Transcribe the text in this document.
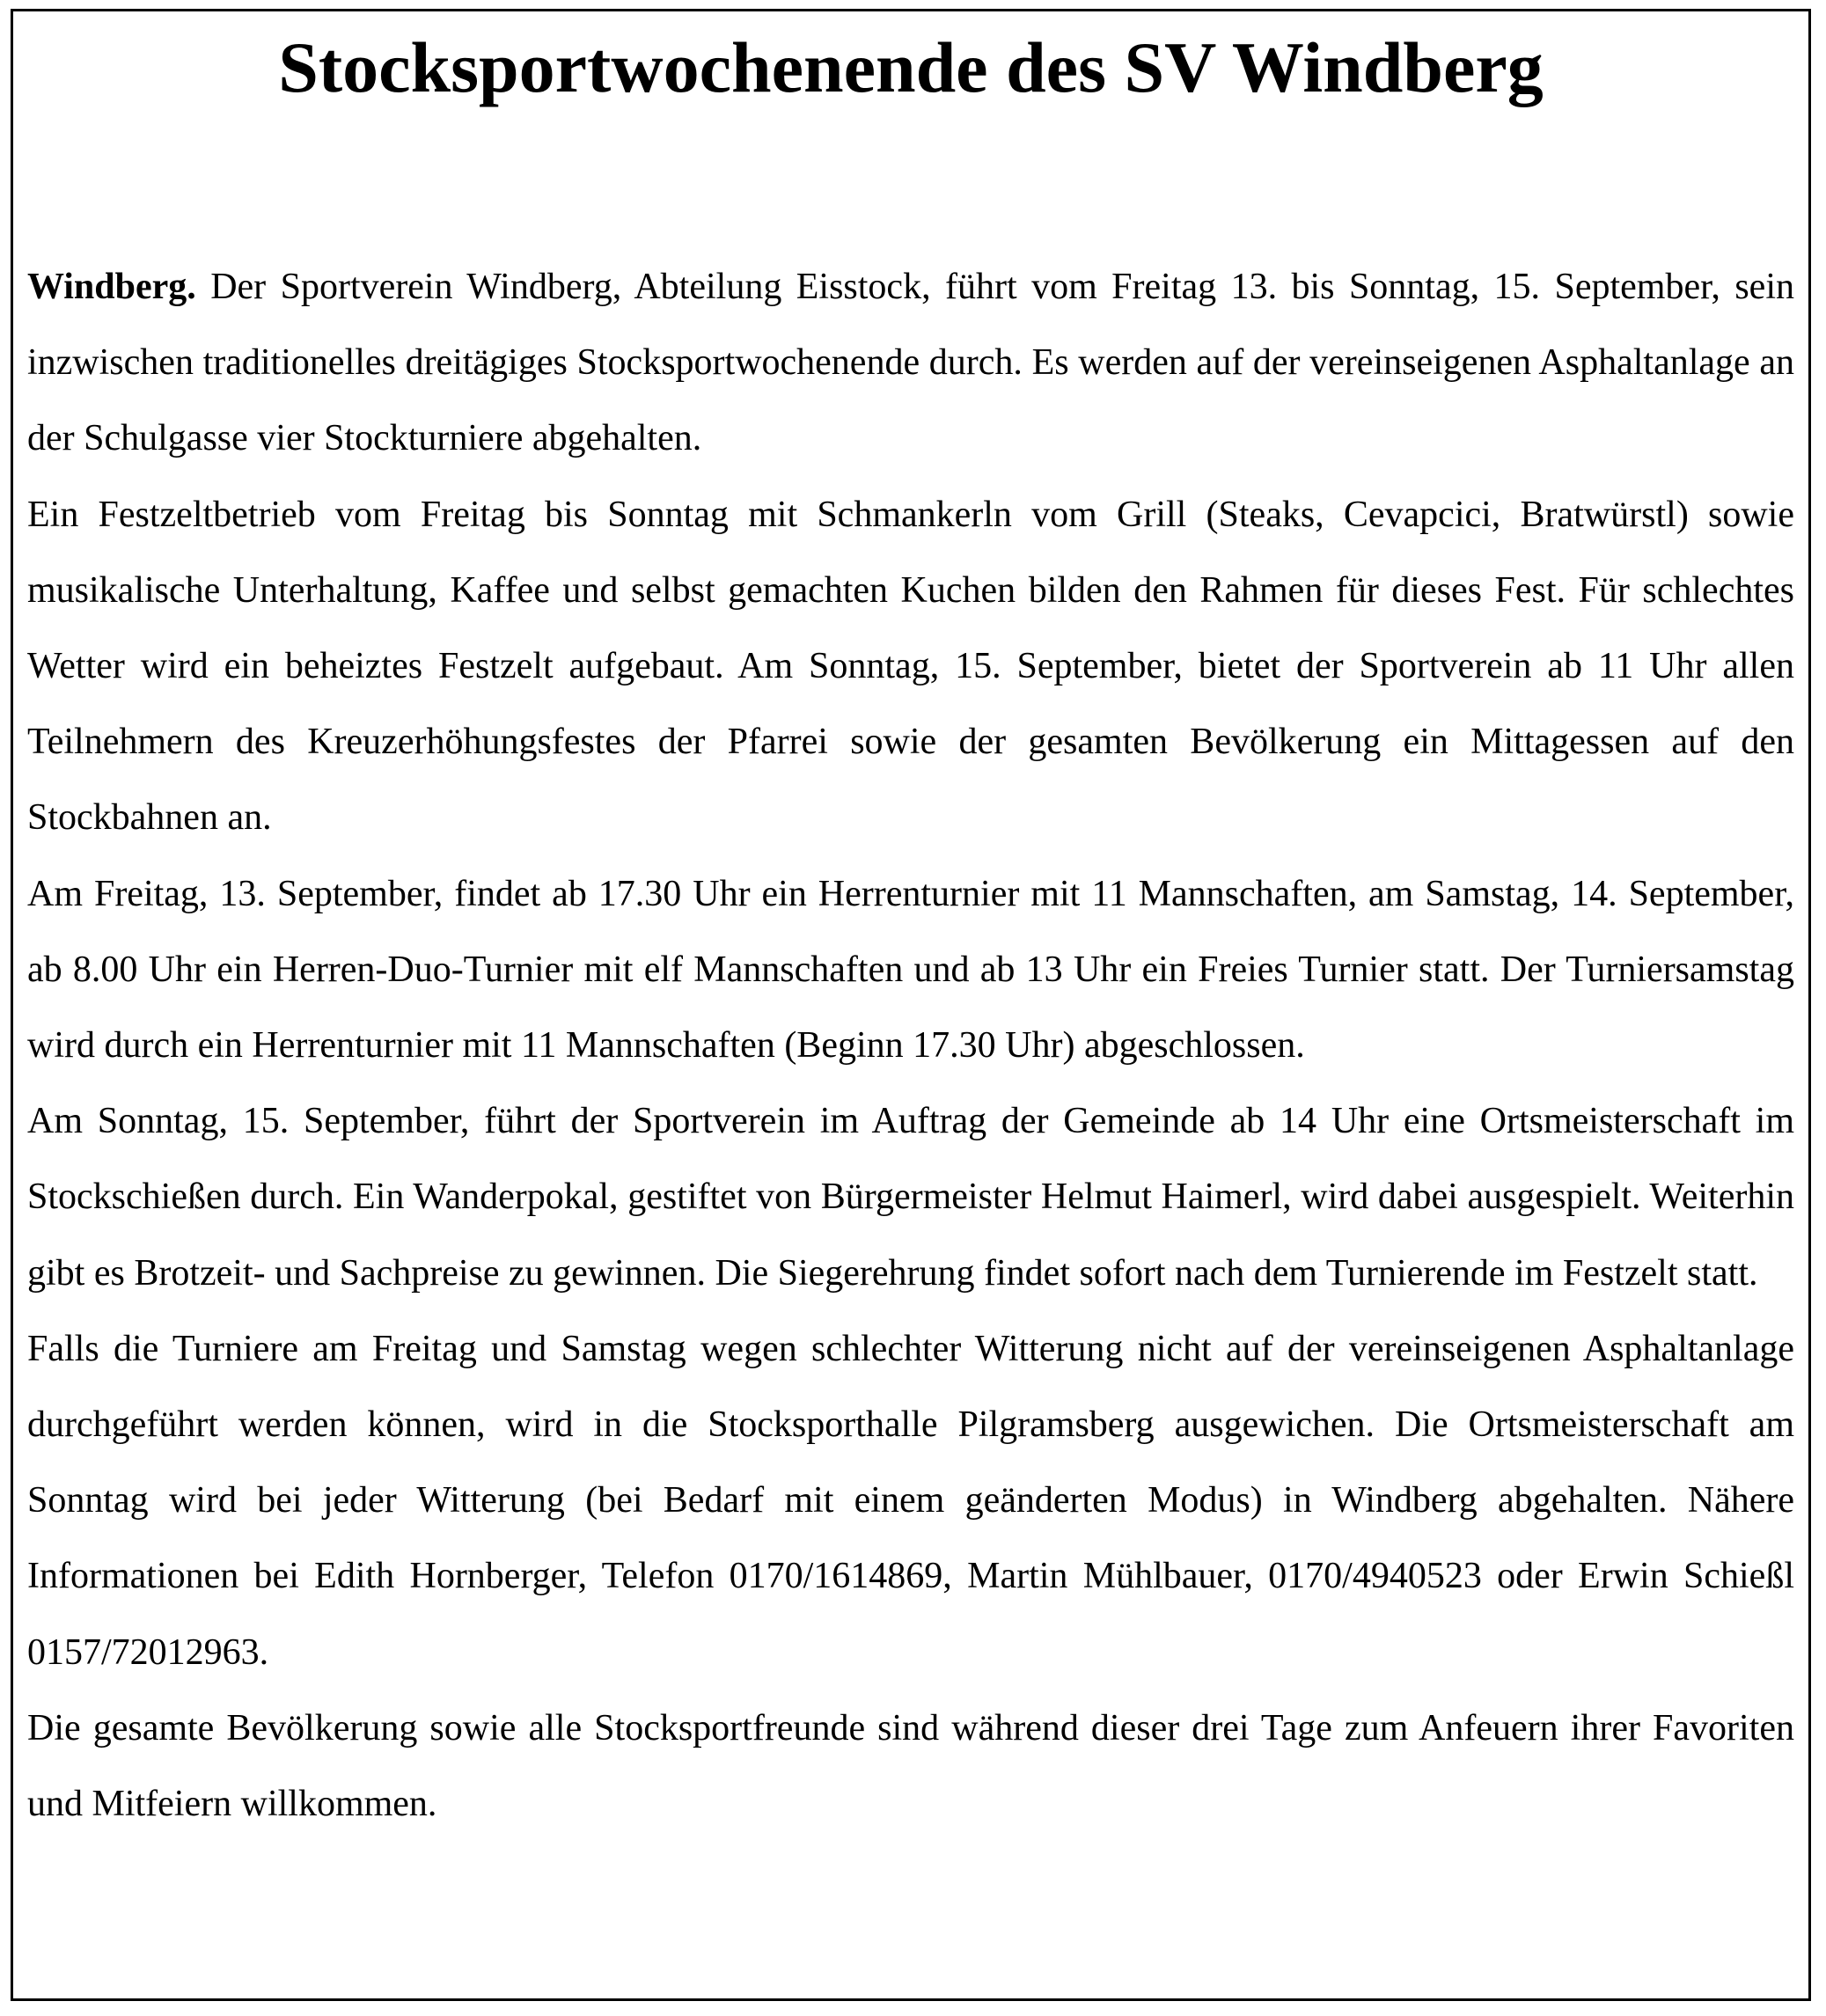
Stocksportwochenende des SV Windberg

Windberg. Der Sportverein Windberg, Abteilung Eisstock, führt vom Freitag 13. bis Sonntag, 15. September, sein inzwischen traditionelles dreitägiges Stocksportwochenende durch. Es werden auf der vereinseigenen Asphaltanlage an der Schulgasse vier Stockturniere abgehalten.

Ein Festzeltbetrieb vom Freitag bis Sonntag mit Schmankerln vom Grill (Steaks, Cevapcici, Bratwürstl) sowie musikalische Unterhaltung, Kaffee und selbst gemachten Kuchen bilden den Rahmen für dieses Fest. Für schlechtes Wetter wird ein beheiztes Festzelt aufgebaut. Am Sonntag, 15. September, bietet der Sportverein ab 11 Uhr allen Teilnehmern des Kreuzerhöhungsfestes der Pfarrei sowie der gesamten Bevölkerung ein Mittagessen auf den Stockbahnen an.

Am Freitag, 13. September, findet ab 17.30 Uhr ein Herrenturnier mit 11 Mannschaften, am Samstag, 14. September, ab 8.00 Uhr ein Herren-Duo-Turnier mit elf Mannschaften und ab 13 Uhr ein Freies Turnier statt. Der Turniersamstag wird durch ein Herrenturnier mit 11 Mannschaften (Beginn 17.30 Uhr) abgeschlossen.

Am Sonntag, 15. September, führt der Sportverein im Auftrag der Gemeinde ab 14 Uhr eine Ortsmeisterschaft im Stockschießen durch. Ein Wanderpokal, gestiftet von Bürgermeister Helmut Haimerl, wird dabei ausgespielt. Weiterhin gibt es Brotzeit- und Sachpreise zu gewinnen. Die Siegerehrung findet sofort nach dem Turnierende im Festzelt statt.

Falls die Turniere am Freitag und Samstag wegen schlechter Witterung nicht auf der vereinseigenen Asphaltanlage durchgeführt werden können, wird in die Stocksporthalle Pilgramsberg ausgewichen. Die Ortsmeisterschaft am Sonntag wird bei jeder Witterung (bei Bedarf mit einem geänderten Modus) in Windberg abgehalten. Nähere Informationen bei Edith Hornberger, Telefon 0170/1614869, Martin Mühlbauer, 0170/4940523 oder Erwin Schießl 0157/72012963.

Die gesamte Bevölkerung sowie alle Stocksportfreunde sind während dieser drei Tage zum Anfeuern ihrer Favoriten und Mitfeiern willkommen.
